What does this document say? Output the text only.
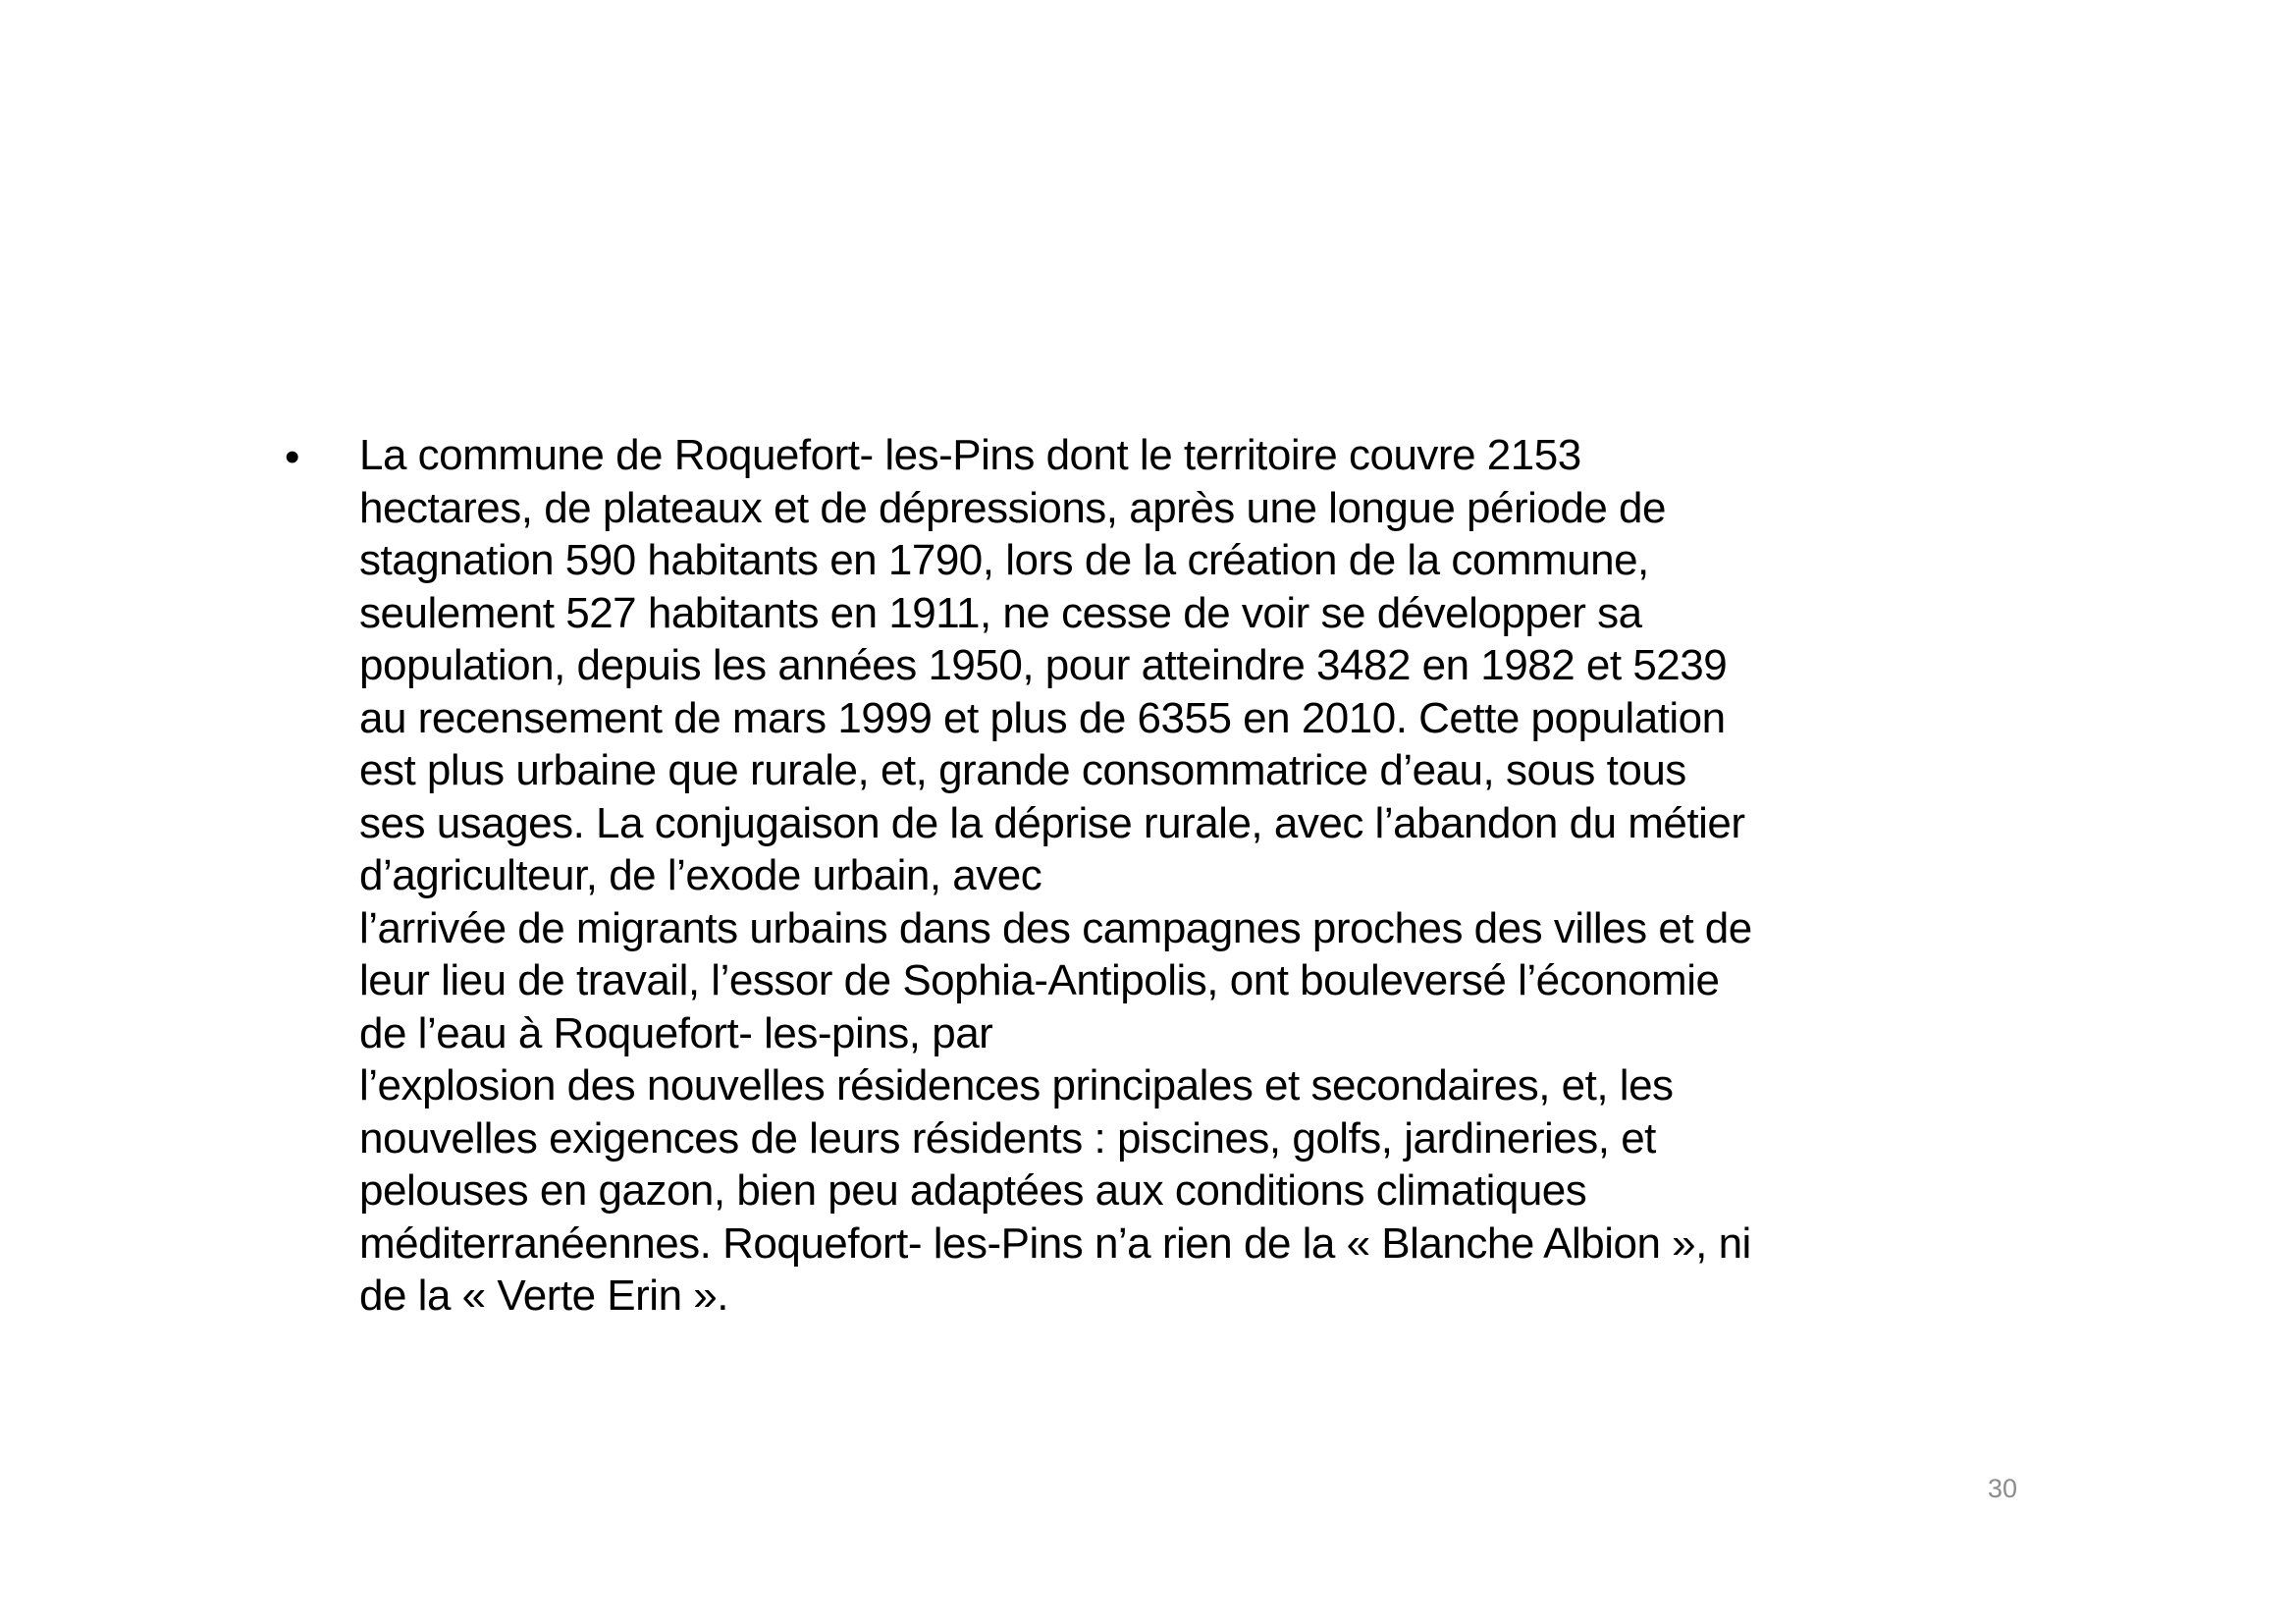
• La commune de Roquefort- les-Pins dont le territoire couvre 2153
hectares, de plateaux et de dépressions, après une longue période de
stagnation 590 habitants en 1790, lors de la création de la commune,
seulement 527 habitants en 1911, ne cesse de voir se développer sa
population, depuis les années 1950, pour atteindre 3482 en 1982 et 5239
au recensement de mars 1999 et plus de 6355 en 2010. Cette population
est plus urbaine que rurale, et, grande consommatrice d’eau, sous tous
ses usages. La conjugaison de la déprise rurale, avec l’abandon du métier
d’agriculteur, de l’exode urbain, avec
l’arrivée de migrants urbains dans des campagnes proches des villes et de
leur lieu de travail, l’essor de Sophia-Antipolis, ont bouleversé l’économie
de l’eau à Roquefort- les-pins, par
l’explosion des nouvelles résidences principales et secondaires, et, les
nouvelles exigences de leurs résidents : piscines, golfs, jardineries, et
pelouses en gazon, bien peu adaptées aux conditions climatiques
méditerranéennes. Roquefort- les-Pins n’a rien de la « Blanche Albion », ni
de la « Verte Erin ».
30
